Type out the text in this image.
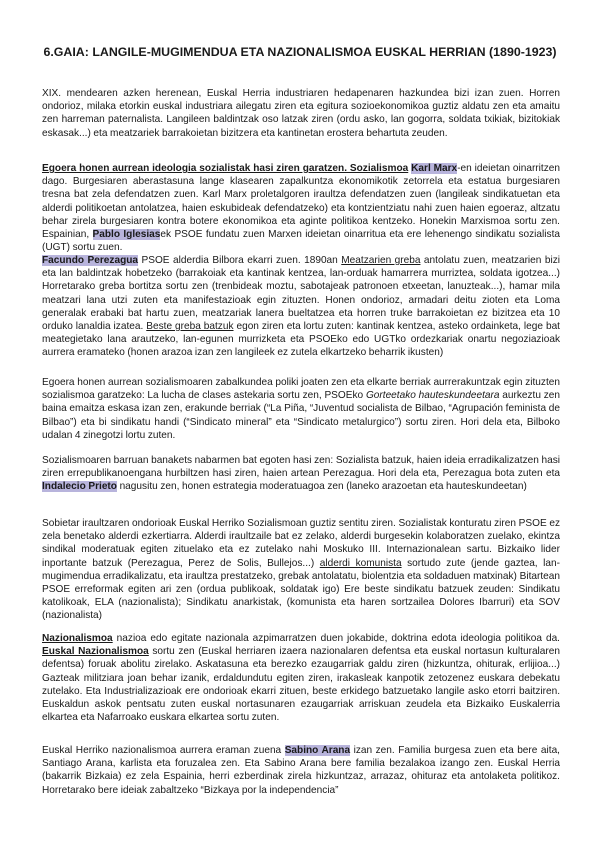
6.GAIA: LANGILE-MUGIMENDUA ETA NAZIONALISMOA EUSKAL HERRIAN (1890-1923)

XIX. mendearen azken herenean, Euskal Herria industriaren hedapenaren hazkundea bizi izan zuen. Horren ondorioz, milaka etorkin euskal industriara ailegatu ziren eta egitura sozioekonomikoa guztiz aldatu zen eta amaitu zen harreman paternalista. Langileen baldintzak oso latzak ziren (ordu asko, lan gogorra, soldata txikiak, bizitokiak eskasak...) eta meatzariek barrakoietan bizitzera eta kantinetan erostera behartuta zeuden.

Egoera honen aurrean ideologia sozialistak hasi ziren garatzen. Sozialismoa Karl Marx-en ideietan oinarritzen dago. Burgesiaren aberastasuna lange klasearen zapalkuntza ekonomikotik zetorrela eta estatua burgesiaren tresna bat zela defendatzen zuen. Karl Marx proletalgoren iraultza defendatzen zuen (langileak sindikatuetan eta alderdi politikoetan antolatzea, haien eskubideak defendatzeko) eta kontzientziatu nahi zuen haien egoeraz, altzatu behar zirela burgesiaren kontra botere ekonomikoa eta aginte politikoa kentzeko. Honekin Marxismoa sortu zen. Espainian, Pablo Iglesiasek PSOE fundatu zuen Marxen ideietan oinarritua eta ere lehenengo sindikatu sozialista (UGT) sortu zuen.

Facundo Perezagua PSOE alderdia Bilbora ekarri zuen. 1890an Meatzarien greba antolatu zuen, meatzarien bizi eta lan baldintzak hobetzeko (barrakoiak eta kantinak kentzea, lan-orduak hamarrera murriztea, soldata igotzea...) Horretarako greba bortitza sortu zen (trenbideak moztu, sabotajeak patronoen etxeetan, lanuzteak...), hamar mila meatzari lana utzi zuten eta manifestazioak egin zituzten. Honen ondorioz, armadari deitu zioten eta Loma generalak erabaki bat hartu zuen, meatzariak lanera bueltatzea eta horren truke barrakoietan ez bizitzea eta 10 orduko lanaldia izatea. Beste greba batzuk egon ziren eta lortu zuten: kantinak kentzea, asteko ordainketa, lege bat meategietako lana arautzeko, lan-egunen murrizketa eta PSOEko edo UGTko ordezkariak onartu negoziazioak aurrera eramateko (honen arazoa izan zen langileek ez zutela elkartzeko beharrik ikusten)

Egoera honen aurrean sozialismoaren zabalkundea poliki joaten zen eta elkarte berriak aurrerakuntzak egin zituzten sozialismoa garatzeko: La lucha de clases astekaria sortu zen, PSOEko Gorteetako hauteskundeetara aurkeztu zen baina emaitza eskasa izan zen, erakunde berriak (“La Piña, “Juventud socialista de Bilbao, “Agrupación feminista de Bilbao”) eta bi sindikatu handi (“Sindicato mineral” eta “Sindicato metalurgico”) sortu ziren. Hori dela eta, Bilboko udalan 4 zinegotzi lortu zuten.

Sozialismoaren barruan banakets nabarmen bat egoten hasi zen: Sozialista batzuk, haien ideia erradikalizatzen hasi ziren errepublikanoengana hurbiltzen hasi ziren, haien artean Perezagua. Hori dela eta, Perezagua bota zuten eta Indalecio Prieto nagusitu zen, honen estrategia moderatuagoa zen (laneko arazoetan eta hauteskundeetan)

Sobietar iraultzaren ondorioak Euskal Herriko Sozialismoan guztiz sentitu ziren. Sozialistak konturatu ziren PSOE ez zela benetako alderdi ezkertiarra. Alderdi iraultzaile bat ez zelako, alderdi burgesekin kolaboratzen zuelako, ekintza sindikal moderatuak egiten zituelako eta ez zutelako nahi Moskuko III. Internazionalean sartu. Bizkaiko lider inportante batzuk (Perezagua, Perez de Solis, Bullejos...) alderdi komunista sortudo zute (jende gaztea, lan-mugimendua erradikalizatu, eta iraultza prestatzeko, grebak antolatatu, biolentzia eta soldaduen matxinak) Bitartean PSOE erreformak egiten ari zen (ordua publikoak, soldatak igo) Ere beste sindikatu batzuek zeuden: Sindikatu katolikoak, ELA (nazionalista); Sindikatu anarkistak, (komunista eta haren sortzailea Dolores Ibarruri) eta SOV (nazionalista)

Nazionalismoa nazioa edo egitate nazionala azpimarratzen duen jokabide, doktrina edota ideologia politikoa da. Euskal Nazionalismoa sortu zen (Euskal herriaren izaera nazionalaren defentsa eta euskal nortasun kulturalaren defentsa) foruak abolitu zirelako. Askatasuna eta berezko ezaugarriak galdu ziren (hizkuntza, ohiturak, erlijioa...) Gazteak militziara joan behar izanik, erdaldundutu egiten ziren, irakasleak kanpotik zetozenez euskara debekatu zutelako. Eta Industrializazioak ere ondorioak ekarri zituen, beste erkidego batzuetako langile asko etorri baitziren. Euskaldun askok pentsatu zuten euskal nortasunaren ezaugarriak arriskuan zeudela eta Bizkaiko Euskalerria elkartea eta Nafarroako euskara elkartea sortu zuten.

Euskal Herriko nazionalismoa aurrera eraman zuena Sabino Arana izan zen. Familia burgesa zuen eta bere aita, Santiago Arana, karlista eta foruzalea zen. Eta Sabino Arana bere familia bezalakoa izango zen. Euskal Herria (bakarrik Bizkaia) ez zela Espainia, herri ezberdinak zirela hizkuntzaz, arrazaz, ohituraz eta antolaketa politikoz. Horretarako bere ideiak zabaltzeko “Bizkaya por la independencia”
